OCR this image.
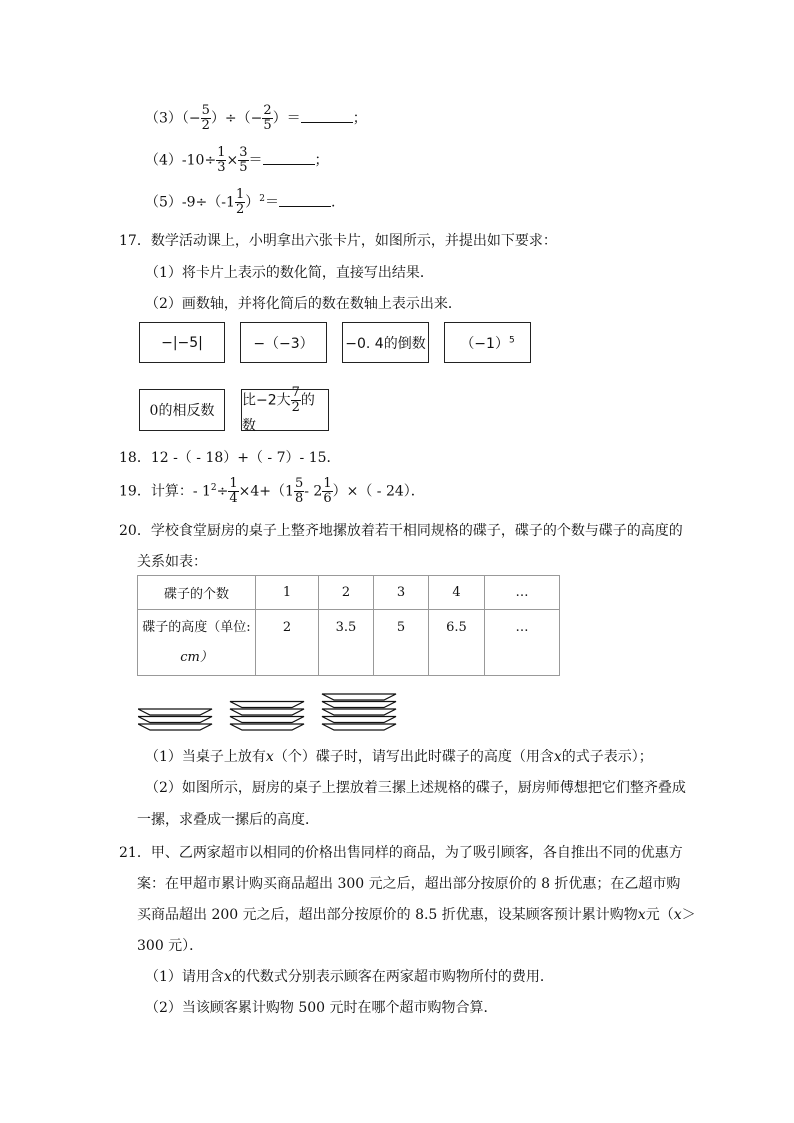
$(3)(- \frac{5}{2}$ ）÷（− $\frac{2}{5}$ ）＝	；
$(4)-10\div \frac{1}{3} \times \frac{3}{5}$ ＝	；
$(5)-9\div(-1 \frac{1}{2} )^2=$	.
17．数学活动课上，小明拿出六张卡片，如图所示，并提出如下要求：
（1）将卡片上表示的数化简，直接写出结果．
（2）画数轴，并将化简后的数在数轴上表示出来．
−|−5|	−（−3） −0. 4的倒数 $(-1)^5$
0的相反数
比−2大 $\frac{7}{2}$ 的数
18．12 -（ - 18）+（ - 7）- 15．
19．计算：- $1^2\div \frac{1}{4} \times 4+(1 \frac{5}{8} - 2 \frac{1}{6}$ ）×（ - 24）．
20．学校食堂厨房的桌子上整齐地摞放着若干相同规格的碟子，碟子的个数与碟子的高度的
关系如表：
碟子的个数	1	2	3	4	…

碟子的高度（单位:
cm）	2	3.5	5	6.5	…
（1）当桌子上放有x（个）碟子时，请写出此时碟子的高度（用含x的式子表示）；
（2）如图所示，厨房的桌子上摆放着三摞上述规格的碟子，厨房师傅想把它们整齐叠成
一摞，求叠成一摞后的高度．
21．甲、乙两家超市以相同的价格出售同样的商品，为了吸引顾客，各自推出不同的优惠方
案：在甲超市累计购买商品超出 300 元之后，超出部分按原价的 8 折优惠；在乙超市购
买商品超出 200 元之后，超出部分按原价的 8.5 折优惠，设某顾客预计累计购物x元（x＞
300 元）．
（1）请用含x的代数式分别表示顾客在两家超市购物所付的费用．
（2）当该顾客累计购物 500 元时在哪个超市购物合算．
